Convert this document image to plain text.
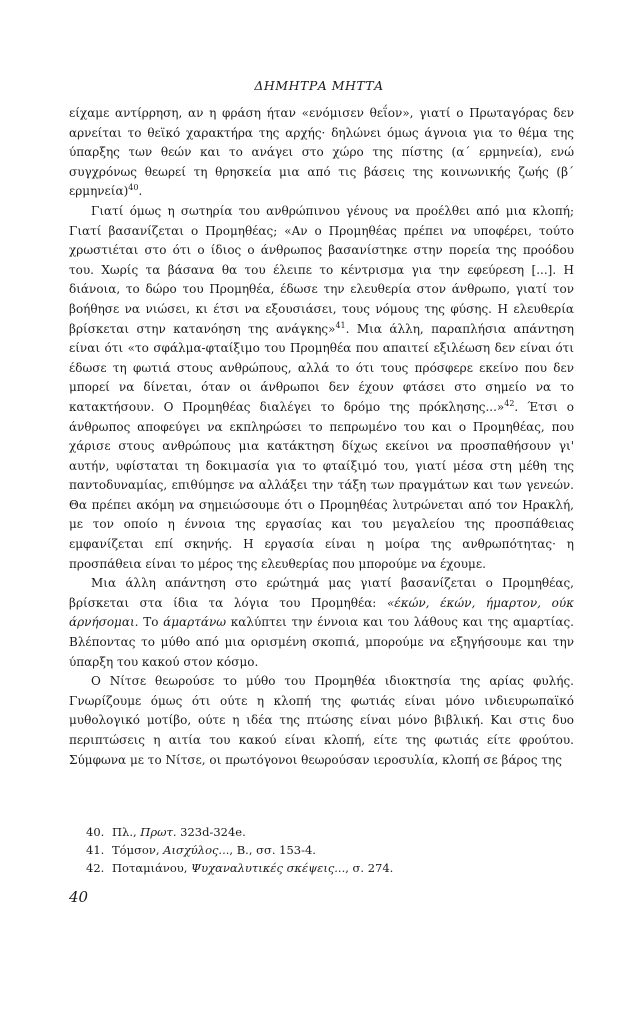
ΔΗΜΗΤΡΑ ΜΗΤΤΑ

είχαμε αντίρρηση, αν η φράση ήταν «ενόμισεν θεΐον», γιατί ο Πρωταγόρας δεν αρνείται το θεϊκό χαρακτήρα της αρχής· δηλώνει όμως άγνοια για το θέμα της ύπαρξης των θεών και το ανάγει στο χώρο της πίστης (α΄ ερμηνεία), ενώ συγχρόνως θεωρεί τη θρησκεία μια από τις βάσεις της κοινωνικής ζωής (β΄ ερμηνεία)$^{40}$.

Γιατί όμως η σωτηρία του ανθρώπινου γένους να προέλθει από μια κλοπή; Γιατί βασανίζεται ο Προμηθέας; «Αν ο Προμηθέας πρέπει να υποφέρει, τούτο χρωστιέται στο ότι ο ίδιος ο άνθρωπος βασανίστηκε στην πορεία της προόδου του. Χωρίς τα βάσανα θα του έλειπε το κέντρισμα για την εφεύρεση [...]. Η διάνοια, το δώρο του Προμηθέα, έδωσε την ελευθερία στον άνθρωπο, γιατί τον βοήθησε να νιώσει, κι έτσι να εξουσιάσει, τους νόμους της φύσης. Η ελευθερία βρίσκεται στην κατανόηση της ανάγκης»$^{41}$. Μια άλλη, παραπλήσια απάντηση είναι ότι «το σφάλμα-φταίξιμο του Προμηθέα που απαιτεί εξιλέωση δεν είναι ότι έδωσε τη φωτιά στους ανθρώπους, αλλά το ότι τους πρόσφερε εκείνο που δεν μπορεί να δίνεται, όταν οι άνθρωποι δεν έχουν φτάσει στο σημείο να το κατακτήσουν. Ο Προμηθέας διαλέγει το δρόμο της πρόκλησης...»$^{42}$. Έτσι ο άνθρωπος αποφεύγει να εκπληρώσει το πεπρωμένο του και ο Προμηθέας, που χάρισε στους ανθρώπους μια κατάκτηση δίχως εκείνοι να προσπαθήσουν γι' αυτήν, υφίσταται τη δοκιμασία για το φταίξιμό του, γιατί μέσα στη μέθη της παντοδυναμίας, επιθύμησε να αλλάξει την τάξη των πραγμάτων και των γενεών. Θα πρέπει ακόμη να σημειώσουμε ότι ο Προμηθέας λυτρώνεται από τον Ηρακλή, με τον οποίο η έννοια της εργασίας και του μεγαλείου της προσπάθειας εμφανίζεται επί σκηνής. Η εργασία είναι η μοίρα της ανθρωπότητας· η προσπάθεια είναι το μέρος της ελευθερίας που μπορούμε να έχουμε.

Μια άλλη απάντηση στο ερώτημά μας γιατί βασανίζεται ο Προμηθέας, βρίσκεται στα ίδια τα λόγια του Προμηθέα: «έκών, έκών, ήμαρτον, ούκ άρνήσομαι. Το άμαρτάνω καλύπτει την έννοια και του λάθους και της αμαρτίας. Βλέποντας το μύθο από μια ορισμένη σκοπιά, μπορούμε να εξηγήσουμε και την ύπαρξη του κακού στον κόσμο.

Ο Νίτσε θεωρούσε το μύθο του Προμηθέα ιδιοκτησία της αρίας φυλής. Γνωρίζουμε όμως ότι ούτε η κλοπή της φωτιάς είναι μόνο ινδιευρωπαϊκό μυθολογικό μοτίβο, ούτε η ιδέα της πτώσης είναι μόνο βιβλική. Και στις δυο περιπτώσεις η αιτία του κακού είναι κλοπή, είτε της φωτιάς είτε φρούτου. Σύμφωνα με το Νίτσε, οι πρωτόγονοι θεωρούσαν ιεροσυλία, κλοπή σε βάρος της

40. Πλ., Πρωτ. 323d-324e.
41. Τόμσον, Αισχύλος..., Β., σσ. 153-4.
42. Ποταμιάνου, Ψυχαναλυτικές σκέψεις..., σ. 274.
40
